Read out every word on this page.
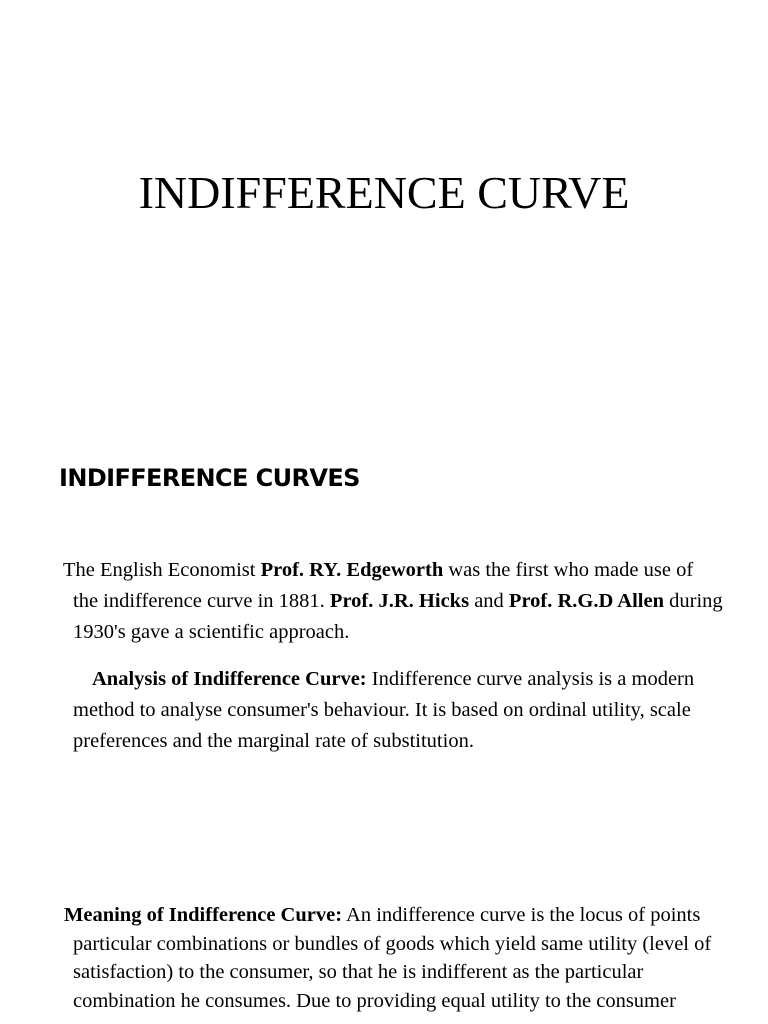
INDIFFERENCE CURVE
INDIFFERENCE CURVES

The English Economist Prof. RY. Edgeworth was the first who made use of the indifference curve in 1881. Prof. J.R. Hicks and Prof. R.G.D Allen during 1930's gave a scientific approach.

Analysis of Indifference Curve: Indifference curve analysis is a modern method to analyse consumer's behaviour. It is based on ordinal utility, scale preferences and the marginal rate of substitution.

Meaning of Indifference Curve: An indifference curve is the locus of points particular combinations or bundles of goods which yield same utility (level of satisfaction) to the consumer, so that he is indifferent as the particular combination he consumes. Due to providing equal utility to the consumer
